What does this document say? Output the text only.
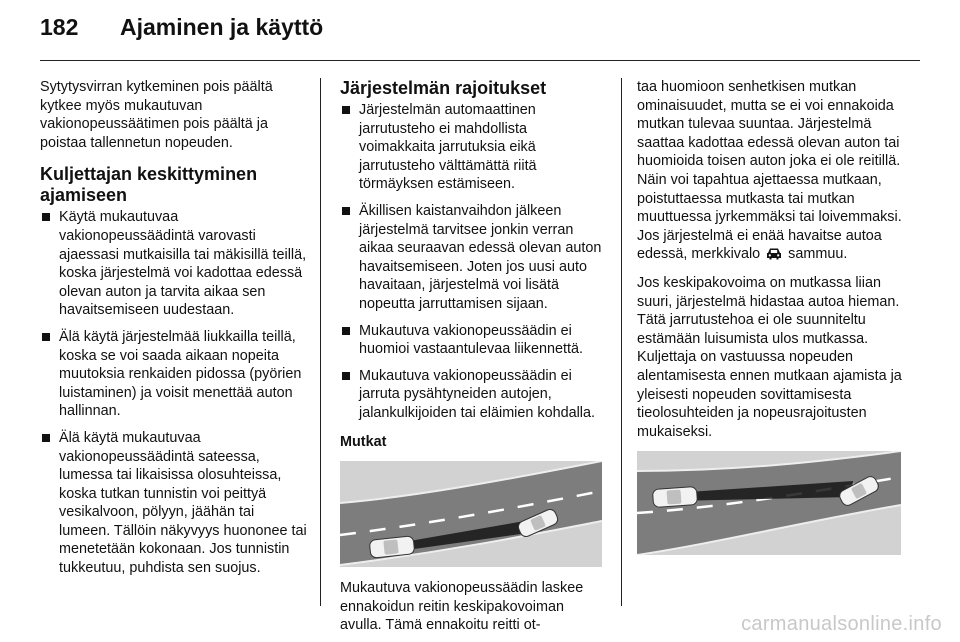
182	Ajaminen ja käyttö

Sytytysvirran kytkeminen pois päältä kytkee myös mukautuvan vakionopeussäätimen pois päältä ja poistaa tallennetun nopeuden.

Kuljettajan keskittyminen ajamiseen
Käytä mukautuvaa vakionopeussäädintä varovasti ajaessasi mutkaisilla tai mäkisillä teillä, koska järjestelmä voi kadottaa edessä olevan auton ja tarvita aikaa sen havaitsemiseen uudestaan.
Älä käytä järjestelmää liukkailla teillä, koska se voi saada aikaan nopeita muutoksia renkaiden pidossa (pyörien luistaminen) ja voisit menettää auton hallinnan.
Älä käytä mukautuvaa vakionopeussäädintä sateessa, lumessa tai likaisissa olosuhteissa, koska tutkan tunnistin voi peittyä vesikalvoon, pölyyn, jäähän tai lumeen. Tällöin näkyvyys huononee tai menetetään kokonaan. Jos tunnistin tukkeutuu, puhdista sen suojus.
Järjestelmän rajoitukset
Järjestelmän automaattinen jarrutusteho ei mahdollista voimakkaita jarrutuksia eikä jarrutusteho välttämättä riitä törmäyksen estämiseen.
Äkillisen kaistanvaihdon jälkeen järjestelmä tarvitsee jonkin verran aikaa seuraavan edessä olevan auton havaitsemiseen. Joten jos uusi auto havaitaan, järjestelmä voi lisätä nopeutta jarruttamisen sijaan.
Mukautuva vakionopeussäädin ei huomioi vastaantulevaa liikennettä.
Mukautuva vakionopeussäädin ei jarruta pysähtyneiden autojen, jalankulkijoiden tai eläimien kohdalla.
Mutkat

Mukautuva vakionopeussäädin laskee ennakoidun reitin keskipakovoiman avulla. Tämä ennakoitu reitti ot-

taa huomioon senhetkisen mutkan ominaisuudet, mutta se ei voi ennakoida mutkan tulevaa suuntaa. Järjestelmä saattaa kadottaa edessä olevan auton tai huomioida toisen auton joka ei ole reitillä. Näin voi tapahtua ajettaessa mutkaan, poistuttaessa mutkasta tai mutkan muuttuessa jyrkemmäksi tai loivemmaksi. Jos järjestelmä ei enää havaitse autoa edessä, merkkivalo sammuu.

Jos keskipakovoima on mutkassa liian suuri, järjestelmä hidastaa autoa hieman. Tätä jarrutustehoa ei ole suunniteltu estämään luisumista ulos mutkassa. Kuljettaja on vastuussa nopeuden alentamisesta ennen mutkaan ajamista ja yleisesti nopeuden sovittamisesta tieolosuhteiden ja nopeusrajoitusten mukaiseksi.

carmanualsonline.info
